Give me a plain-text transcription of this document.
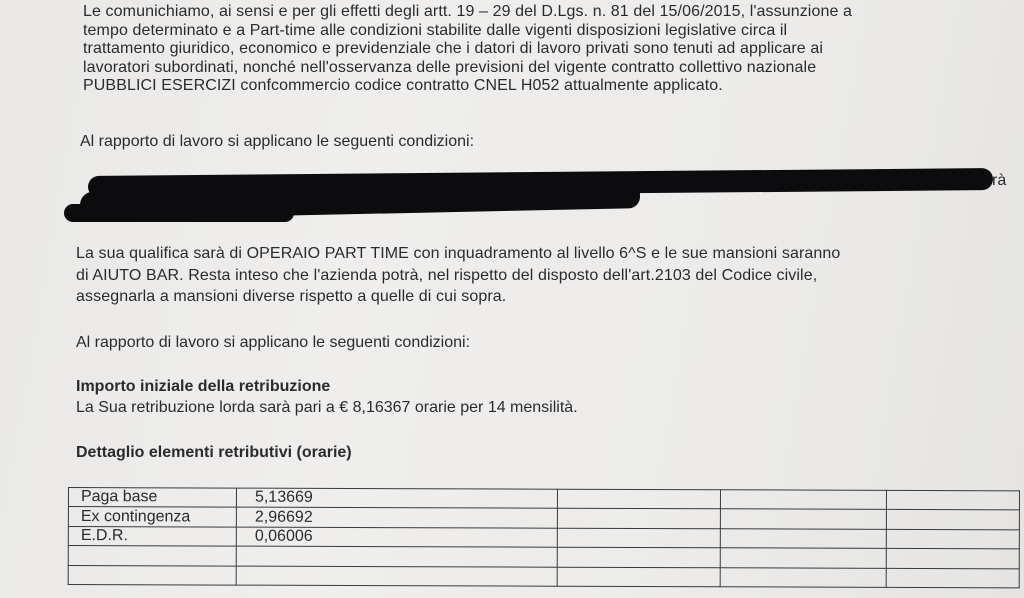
Le comunichiamo, ai sensi e per gli effetti degli artt. 19 – 29 del D.Lgs. n. 81 del 15/06/2015, l'assunzione a
tempo determinato e a Part-time alle condizioni stabilite dalle vigenti disposizioni legislative circa il
trattamento giuridico, economico e previdenziale che i datori di lavoro privati sono tenuti ad applicare ai
lavoratori subordinati, nonché nell'osservanza delle previsioni del vigente contratto collettivo nazionale
PUBBLICI ESERCIZI confcommercio codice contratto CNEL H052 attualmente applicato.
Al rapporto di lavoro si applicano le seguenti condizioni:
rà
La sua qualifica sarà di OPERAIO PART TIME con inquadramento al livello 6^S e le sue mansioni saranno
di AIUTO BAR. Resta inteso che l'azienda potrà, nel rispetto del disposto dell'art.2103 del Codice civile,
assegnarla a mansioni diverse rispetto a quelle di cui sopra.
Al rapporto di lavoro si applicano le seguenti condizioni:
Importo iniziale della retribuzione
La Sua retribuzione lorda sarà pari a € 8,16367 orarie per 14 mensilità.
Dettaglio elementi retributivi (orarie)
Paga base	5,13669			
Ex contingenza	2,96692			
E.D.R.	0,06006			
